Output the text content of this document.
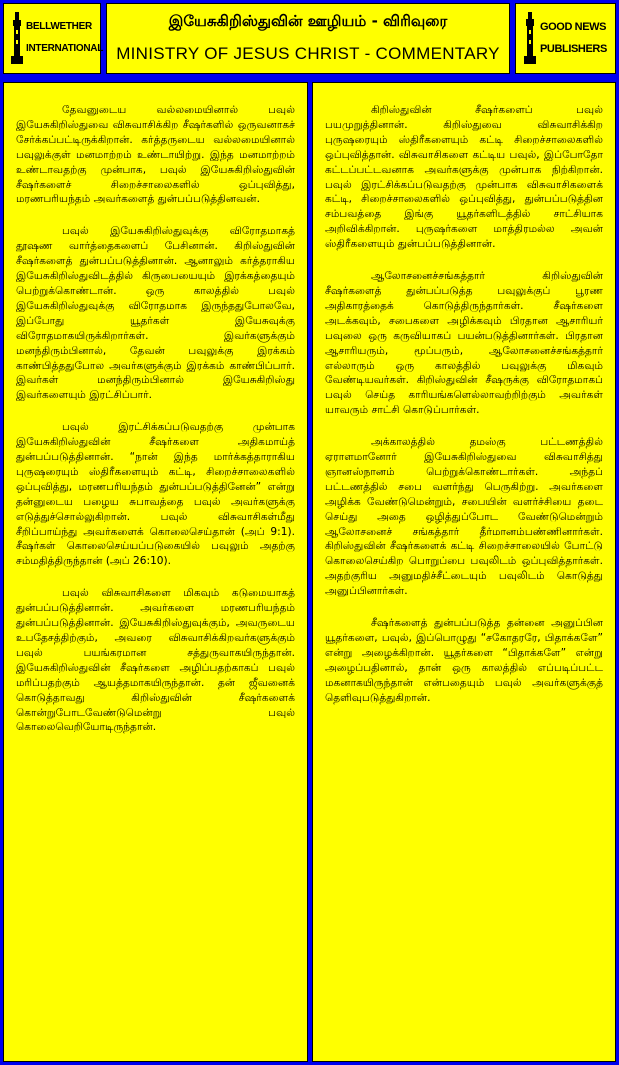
BELLWETHER INTERNATIONAL
இயேசுகிறிஸ்துவின் ஊழியம் - விரிவுரை
MINISTRY OF JESUS CHRIST - COMMENTARY
GOOD NEWS PUBLISHERS

தேவனுடைய வல்லமையினால் பவுல் இயேசுகிறிஸ்துவை விசுவாசிக்கிற சீஷர்களில் ஒருவனாகச் சேர்க்கப்பட்டிருக்கிறான். கர்த்தருடைய வல்லமையினால் பவுலுக்குள் மனமாற்றம் உண்டாயிற்று. இந்த மனமாற்றம் உண்டாவதற்கு முன்பாக, பவுல் இயேசுகிறிஸ்துவின் சீஷர்களைச் சிறைச்சாலைகளில் ஒப்புவித்து, மரணபரியந்தம் அவர்களைத் துன்பப்படுத்தினவன்.

பவுல் இயேசுகிறிஸ்துவுக்கு விரோதமாகத் தூஷண வார்த்தைகளைப் பேசினான். கிறிஸ்துவின் சீஷர்களைத் துன்பப்படுத்தினான். ஆனாலும் கர்த்தராகிய இயேசுகிறிஸ்துவிடத்தில் கிருபையையும் இரக்கத்தையும் பெற்றுக்கொண்டான். ஒரு காலத்தில் பவுல் இயேசுகிறிஸ்துவுக்கு விரோதமாக இருந்ததுபோலவே, இப்போது யூதர்கள் இயேசுவுக்கு விரோதமாகயிருக்கிறார்கள். இவர்களுக்கும் மனந்திரும்பினால், தேவன் பவுலுக்கு இரக்கம் காண்பித்ததுபோல அவர்களுக்கும் இரக்கம் காண்பிப்பார். இவர்கள் மனந்திரும்பினால் இயேசுகிறிஸ்து இவர்களையும் இரட்சிப்பார்.

பவுல் இரட்சிக்கப்படுவதற்கு முன்பாக இயேசுகிறிஸ்துவின் சீஷர்களை அதிகமாய்த் துன்பப்படுத்தினான். “நான் இந்த மார்க்கத்தாராகிய புருஷரையும் ஸ்திரீகளையும் கட்டி, சிறைச்சாலைகளில் ஒப்புவித்து, மரணபரியந்தம் துன்பப்படுத்தினேன்” என்று தன்னுடைய பழைய சுபாவத்தை பவுல் அவர்களுக்கு எடுத்துச்சொல்லுகிறான். பவுல் விசுவாசிகள்மீது சீறிப்பாய்ந்து அவர்களைக் கொலைசெய்தான் (அப் 9:1). சீஷர்கள் கொலைசெய்யப்படுகையில் பவுலும் அதற்கு சம்மதித்திருந்தான் (அப் 26:10).

பவுல் விசுவாசிகளை மிகவும் கடுமையாகத் துன்பப்படுத்தினான். அவர்களை மரணபரியந்தம் துன்பப்படுத்தினான். இயேசுகிறிஸ்துவுக்கும், அவருடைய உபதேசத்திற்கும், அவரை விசுவாசிக்கிறவர்களுக்கும் பவுல் பயங்கரமான சத்துருவாகயிருந்தான். இயேசுகிறிஸ்துவின் சீஷர்களை அழிப்பதற்காகப் பவுல் மரிப்பதற்கும் ஆயத்தமாகயிருந்தான். தன் ஜீவனைக் கொடுத்தாவது கிறிஸ்துவின் சீஷர்களைக் கொன்றுபோடவேண்டுமென்று பவுல் கொலைவெறியோடிருந்தான்.

கிறிஸ்துவின் சீஷர்களைப் பவுல் பயமுறுத்தினான். கிறிஸ்துவை விசுவாசிக்கிற புருஷரையும் ஸ்திரீகளையும் கட்டி சிறைச்சாலைகளில் ஒப்புவித்தான். விசுவாசிகளை கட்டிய பவுல், இப்போதோ கட்டப்பட்டவனாக அவர்களுக்கு முன்பாக நிற்கிறான். பவுல் இரட்சிக்கப்படுவதற்கு முன்பாக விசுவாசிகளைக் கட்டி, சிறைச்சாலைகளில் ஒப்புவித்து, துன்பப்படுத்தின சம்பவத்தை இங்கு யூதர்களிடத்தில் சாட்சியாக அறிவிக்கிறான். புருஷர்களை மாத்திரமல்ல அவன் ஸ்திரீகளையும் துன்பப்படுத்தினான்.

ஆலோசனைச்சங்கத்தார் கிறிஸ்துவின் சீஷர்களைத் துன்பப்படுத்த பவுலுக்குப் பூரண அதிகாரத்தைக் கொடுத்திருந்தார்கள். சீஷர்களை அடக்கவும், சபைகளை அழிக்கவும் பிரதான ஆசாரியர் பவுலை ஒரு கருவியாகப் பயன்படுத்தினார்கள். பிரதான ஆசாரியரும், மூப்பரும், ஆலோசனைச்சங்கத்தார் எல்லாரும் ஒரு காலத்தில் பவுலுக்கு மிகவும் வேண்டியவர்கள். கிறிஸ்துவின் சீஷருக்கு விரோதமாகப் பவுல் செய்த காரியங்களெல்லாவற்றிற்கும் அவர்கள் யாவரும் சாட்சி கொடுப்பார்கள்.

அக்காலத்தில் தமஸ்கு பட்டணத்தில் ஏராளமானோர் இயேசுகிறிஸ்துவை விசுவாசித்து ஞானஸ்நானம் பெற்றுக்கொண்டார்கள். அந்தப் பட்டணத்தில் சபை வளர்ந்து பெருகிற்று. அவர்களை அழிக்க வேண்டுமென்றும், சபையின் வளர்ச்சியை தடை செய்து அதை ஒழித்துப்போட வேண்டுமென்றும் ஆலோசனைச் சங்கத்தார் தீர்மானம்பண்ணினார்கள். கிறிஸ்துவின் சீஷர்களைக் கட்டி சிறைச்சாலையில் போட்டு கொலைசெய்கிற பொறுப்பை பவுலிடம் ஒப்புவித்தார்கள். அதற்குரிய அனுமதிச்சீட்டையும் பவுலிடம் கொடுத்து அனுப்பினார்கள்.

சீஷர்களைத் துன்பப்படுத்த தன்னை அனுப்பின யூதர்களை, பவுல், இப்பொழுது “சகோதரரே, பிதாக்களே” என்று அழைக்கிறான். யூதர்களை “பிதாக்களே” என்று அழைப்பதினால், தான் ஒரு காலத்தில் எப்படிப்பட்ட மகனாகயிருந்தான் என்பதையும் பவுல் அவர்களுக்குத் தெளிவுபடுத்துகிறான்.
